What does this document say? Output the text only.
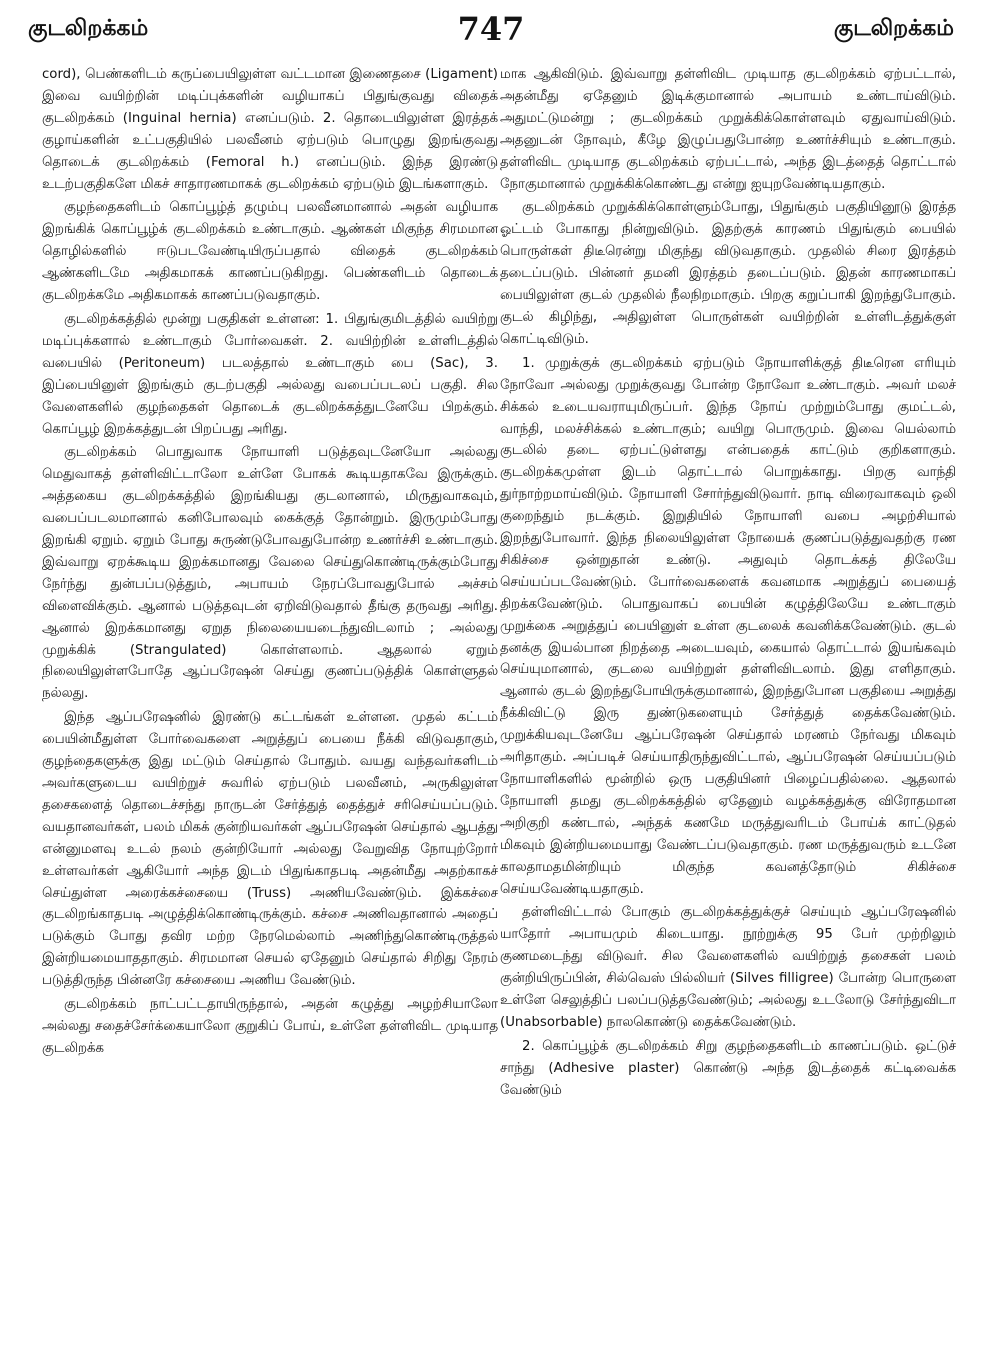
குடலிறக்கம்	747	குடலிறக்கம்

cord), பெண்களிடம் கருப்பையிலுள்ள வட்டமான இணைதசை (Ligament) இவை வயிற்றின் மடிப்புக்களின் வழியாகப் பிதுங்குவது விதைக் குடலிறக்கம் (Inguinal hernia) எனப்படும். 2. தொடையிலுள்ள இரத்தக் குழாய்களின் உட்பகுதியில் பலவீனம் ஏற்படும் பொழுது இறங்குவது தொடைக் குடலிறக்கம் (Femoral h.) எனப்படும். இந்த இரண்டு உடற்பகுதிகளே மிகச் சாதாரணமாகக் குடலிறக்கம் ஏற்படும் இடங்களாகும்.

குழந்தைகளிடம் கொப்பூழ்த் தழும்பு பலவீனமானால் அதன் வழியாக இறங்கிக் கொப்பூழ்க் குடலிறக்கம் உண்டாகும். ஆண்கள் மிகுந்த சிரமமான தொழில்களில் ஈடுபடவேண்டியிருப்பதால் விதைக் குடலிறக்கம் ஆண்களிடமே அதிகமாகக் காணப்படுகிறது. பெண்களிடம் தொடைக் குடலிறக்கமே அதிகமாகக் காணப்படுவதாகும்.

குடலிறக்கத்தில் மூன்று பகுதிகள் உள்ளன: 1. பிதுங்குமிடத்தில் வயிற்று மடிப்புக்களால் உண்டாகும் போர்வைகள். 2. வயிற்றின் உள்ளிடத்தில் வபையில் (Peritoneum) படலத்தால் உண்டாகும் பை (Sac), 3. இப்பையினுள் இறங்கும் குடற்பகுதி அல்லது வபைப்படலப் பகுதி. சில வேளைகளில் குழந்தைகள் தொடைக் குடலிறக்கத்துடனேயே பிறக்கும். கொப்பூழ் இறக்கத்துடன் பிறப்பது அரிது.

குடலிறக்கம் பொதுவாக நோயாளி படுத்தவுடனேயோ அல்லது மெதுவாகத் தள்ளிவிட்டாலோ உள்ளே போகக் கூடியதாகவே இருக்கும். அத்தகைய குடலிறக்கத்தில் இறங்கியது குடலானால், மிருதுவாகவும், வபைப்படலமானால் கனிபோலவும் கைக்குத் தோன்றும். இருமும்போது இறங்கி ஏறும். ஏறும் போது சுருண்டுபோவதுபோன்ற உணர்ச்சி உண்டாகும். இவ்வாறு ஏறக்கூடிய இறக்கமானது வேலை செய்துகொண்டிருக்கும்போது நேர்ந்து துன்பப்படுத்தும், அபாயம் நேரப்போவதுபோல் அச்சம் விளைவிக்கும். ஆனால் படுத்தவுடன் ஏறிவிடுவதால் தீங்கு தருவது அரிது. ஆனால் இறக்கமானது ஏறுத நிலையையடைந்துவிடலாம் ; அல்லது முறுக்கிக் (Strangulated) கொள்ளலாம். ஆதலால் ஏறும் நிலையிலுள்ளபோதே ஆப்பரேஷன் செய்து குணப்படுத்திக் கொள்ளுதல் நல்லது.

இந்த ஆப்பரேஷனில் இரண்டு கட்டங்கள் உள்ளன. முதல் கட்டம் பையின்மீதுள்ள போர்வைகளை அறுத்துப் பையை நீக்கி விடுவதாகும், குழந்தைகளுக்கு இது மட்டும் செய்தால் போதும். வயது வந்தவர்களிடம் அவர்களுடைய வயிற்றுச் சுவரில் ஏற்படும் பலவீனம், அருகிலுள்ள தசைகளைத் தொடைச்சந்து நாருடன் சேர்த்துத் தைத்துச் சரிசெய்யப்படும். வயதானவர்கள், பலம் மிகக் குன்றியவர்கள் ஆப்பரேஷன் செய்தால் ஆபத்து என்னுமளவு உடல் நலம் குன்றியோர் அல்லது வேறுவித நோயுற்றோர் உள்ளவர்கள் ஆகியோர் அந்த இடம் பிதுங்காதபடி அதன்மீது அதற்காகச் செய்துள்ள அரைக்கச்சையை (Truss) அணியவேண்டும். இக்கச்சை குடலிறங்காதபடி அழுத்திக்கொண்டிருக்கும். கச்சை அணிவதானால் அதைப் படுக்கும் போது தவிர மற்ற நேரமெல்லாம் அணிந்துகொண்டிருத்தல் இன்றியமையாததாகும். சிரமமான செயல் ஏதேனும் செய்தால் சிறிது நேரம் படுத்திருந்த பின்னரே கச்சையை அணிய வேண்டும்.

குடலிறக்கம் நாட்பட்டதாயிருந்தால், அதன் கழுத்து அழற்சியாலோ அல்லது சதைச்சேர்க்கையாலோ குறுகிப் போய், உள்ளே தள்ளிவிட முடியாத குடலிறக்க

மாக ஆகிவிடும். இவ்வாறு தள்ளிவிட முடியாத குடலிறக்கம் ஏற்பட்டால், அதன்மீது ஏதேனும் இடிக்குமானால் அபாயம் உண்டாய்விடும். அதுமட்டுமன்று ; குடலிறக்கம் முறுக்கிக்கொள்ளவும் ஏதுவாய்விடும். அதனுடன் நோவும், கீழே இழுப்பதுபோன்ற உணர்ச்சியும் உண்டாகும். தள்ளிவிட முடியாத குடலிறக்கம் ஏற்பட்டால், அந்த இடத்தைத் தொட்டால் நோகுமானால் முறுக்கிக்கொண்டது என்று ஐயுறவேண்டியதாகும்.

குடலிறக்கம் முறுக்கிக்கொள்ளும்போது, பிதுங்கும் பகுதியினூடு இரத்த ஓட்டம் போகாது நின்றுவிடும். இதற்குக் காரணம் பிதுங்கும் பையில் பொருள்கள் திடீரென்று மிகுந்து விடுவதாகும். முதலில் சிரை இரத்தம் தடைப்படும். பின்னர் தமனி இரத்தம் தடைப்படும். இதன் காரணமாகப் பையிலுள்ள குடல் முதலில் நீலநிறமாகும். பிறகு கறுப்பாகி இறந்துபோகும். குடல் கிழிந்து, அதிலுள்ள பொருள்கள் வயிற்றின் உள்ளிடத்துக்குள் கொட்டிவிடும்.

1. முறுக்குக் குடலிறக்கம் ஏற்படும் நோயாளிக்குத் திடீரென எரியும் நோவோ அல்லது முறுக்குவது போன்ற நோவோ உண்டாகும். அவர் மலச் சிக்கல் உடையவராயுமிருப்பர். இந்த நோய் முற்றும்போது குமட்டல், வாந்தி, மலச்சிக்கல் உண்டாகும்; வயிறு பொருமும். இவை யெல்லாம் குடலில் தடை ஏற்பட்டுள்ளது என்பதைக் காட்டும் குறிகளாகும். குடலிறக்கமுள்ள இடம் தொட்டால் பொறுக்காது. பிறகு வாந்தி துர்நாற்றமாய்விடும். நோயாளி சோர்ந்துவிடுவார். நாடி விரைவாகவும் ஒலி குறைந்தும் நடக்கும். இறுதியில் நோயாளி வபை அழற்சியால் இறந்துபோவார். இந்த நிலையிலுள்ள நோயைக் குணப்படுத்துவதற்கு ரண சிகிச்சை ஒன்றுதான் உண்டு. அதுவும் தொடக்கத் திலேயே செய்யப்படவேண்டும். போர்வைகளைக் கவனமாக அறுத்துப் பையைத் திறக்கவேண்டும். பொதுவாகப் பையின் கழுத்திலேயே உண்டாகும் முறுக்கை அறுத்துப் பையினுள் உள்ள குடலைக் கவனிக்கவேண்டும். குடல் தனக்கு இயல்பான நிறத்தை அடையவும், கையால் தொட்டால் இயங்கவும் செய்யுமானால், குடலை வயிற்றுள் தள்ளிவிடலாம். இது எளிதாகும். ஆனால் குடல் இறந்துபோயிருக்குமானால், இறந்துபோன பகுதியை அறுத்து நீக்கிவிட்டு இரு துண்டுகளையும் சேர்த்துத் தைக்கவேண்டும். முறுக்கியவுடனேயே ஆப்பரேஷன் செய்தால் மரணம் நேர்வது மிகவும் அரிதாகும். அப்படிச் செய்யாதிருந்துவிட்டால், ஆப்பரேஷன் செய்யப்படும் நோயாளிகளில் மூன்றில் ஒரு பகுதியினர் பிழைப்பதில்லை. ஆதலால் நோயாளி தமது குடலிறக்கத்தில் ஏதேனும் வழக்கத்துக்கு விரோதமான அறிகுறி கண்டால், அந்தக் கணமே மருத்துவரிடம் போய்க் காட்டுதல் மிகவும் இன்றியமையாது வேண்டப்படுவதாகும். ரண மருத்துவரும் உடனே காலதாமதமின்றியும் மிகுந்த கவனத்தோடும் சிகிச்சை செய்யவேண்டியதாகும்.

தள்ளிவிட்டால் போகும் குடலிறக்கத்துக்குச் செய்யும் ஆப்பரேஷனில் யாதோர் அபாயமும் கிடையாது. நூற்றுக்கு 95 பேர் முற்றிலும் குணமடைந்து விடுவர். சில வேளைகளில் வயிற்றுத் தசைகள் பலம் குன்றியிருப்பின், சில்வெஸ் பில்லியர் (Silves filligree) போன்ற பொருளை உள்ளே செலுத்திப் பலப்படுத்தவேண்டும்; அல்லது உடலோடு சேர்ந்துவிடா (Unabsorbable) நாலகொண்டு தைக்கவேண்டும்.

2. கொப்பூழ்க் குடலிறக்கம் சிறு குழந்தைகளிடம் காணப்படும். ஒட்டுச் சாந்து (Adhesive plaster) கொண்டு அந்த இடத்தைக் கட்டிவைக்க வேண்டும்
